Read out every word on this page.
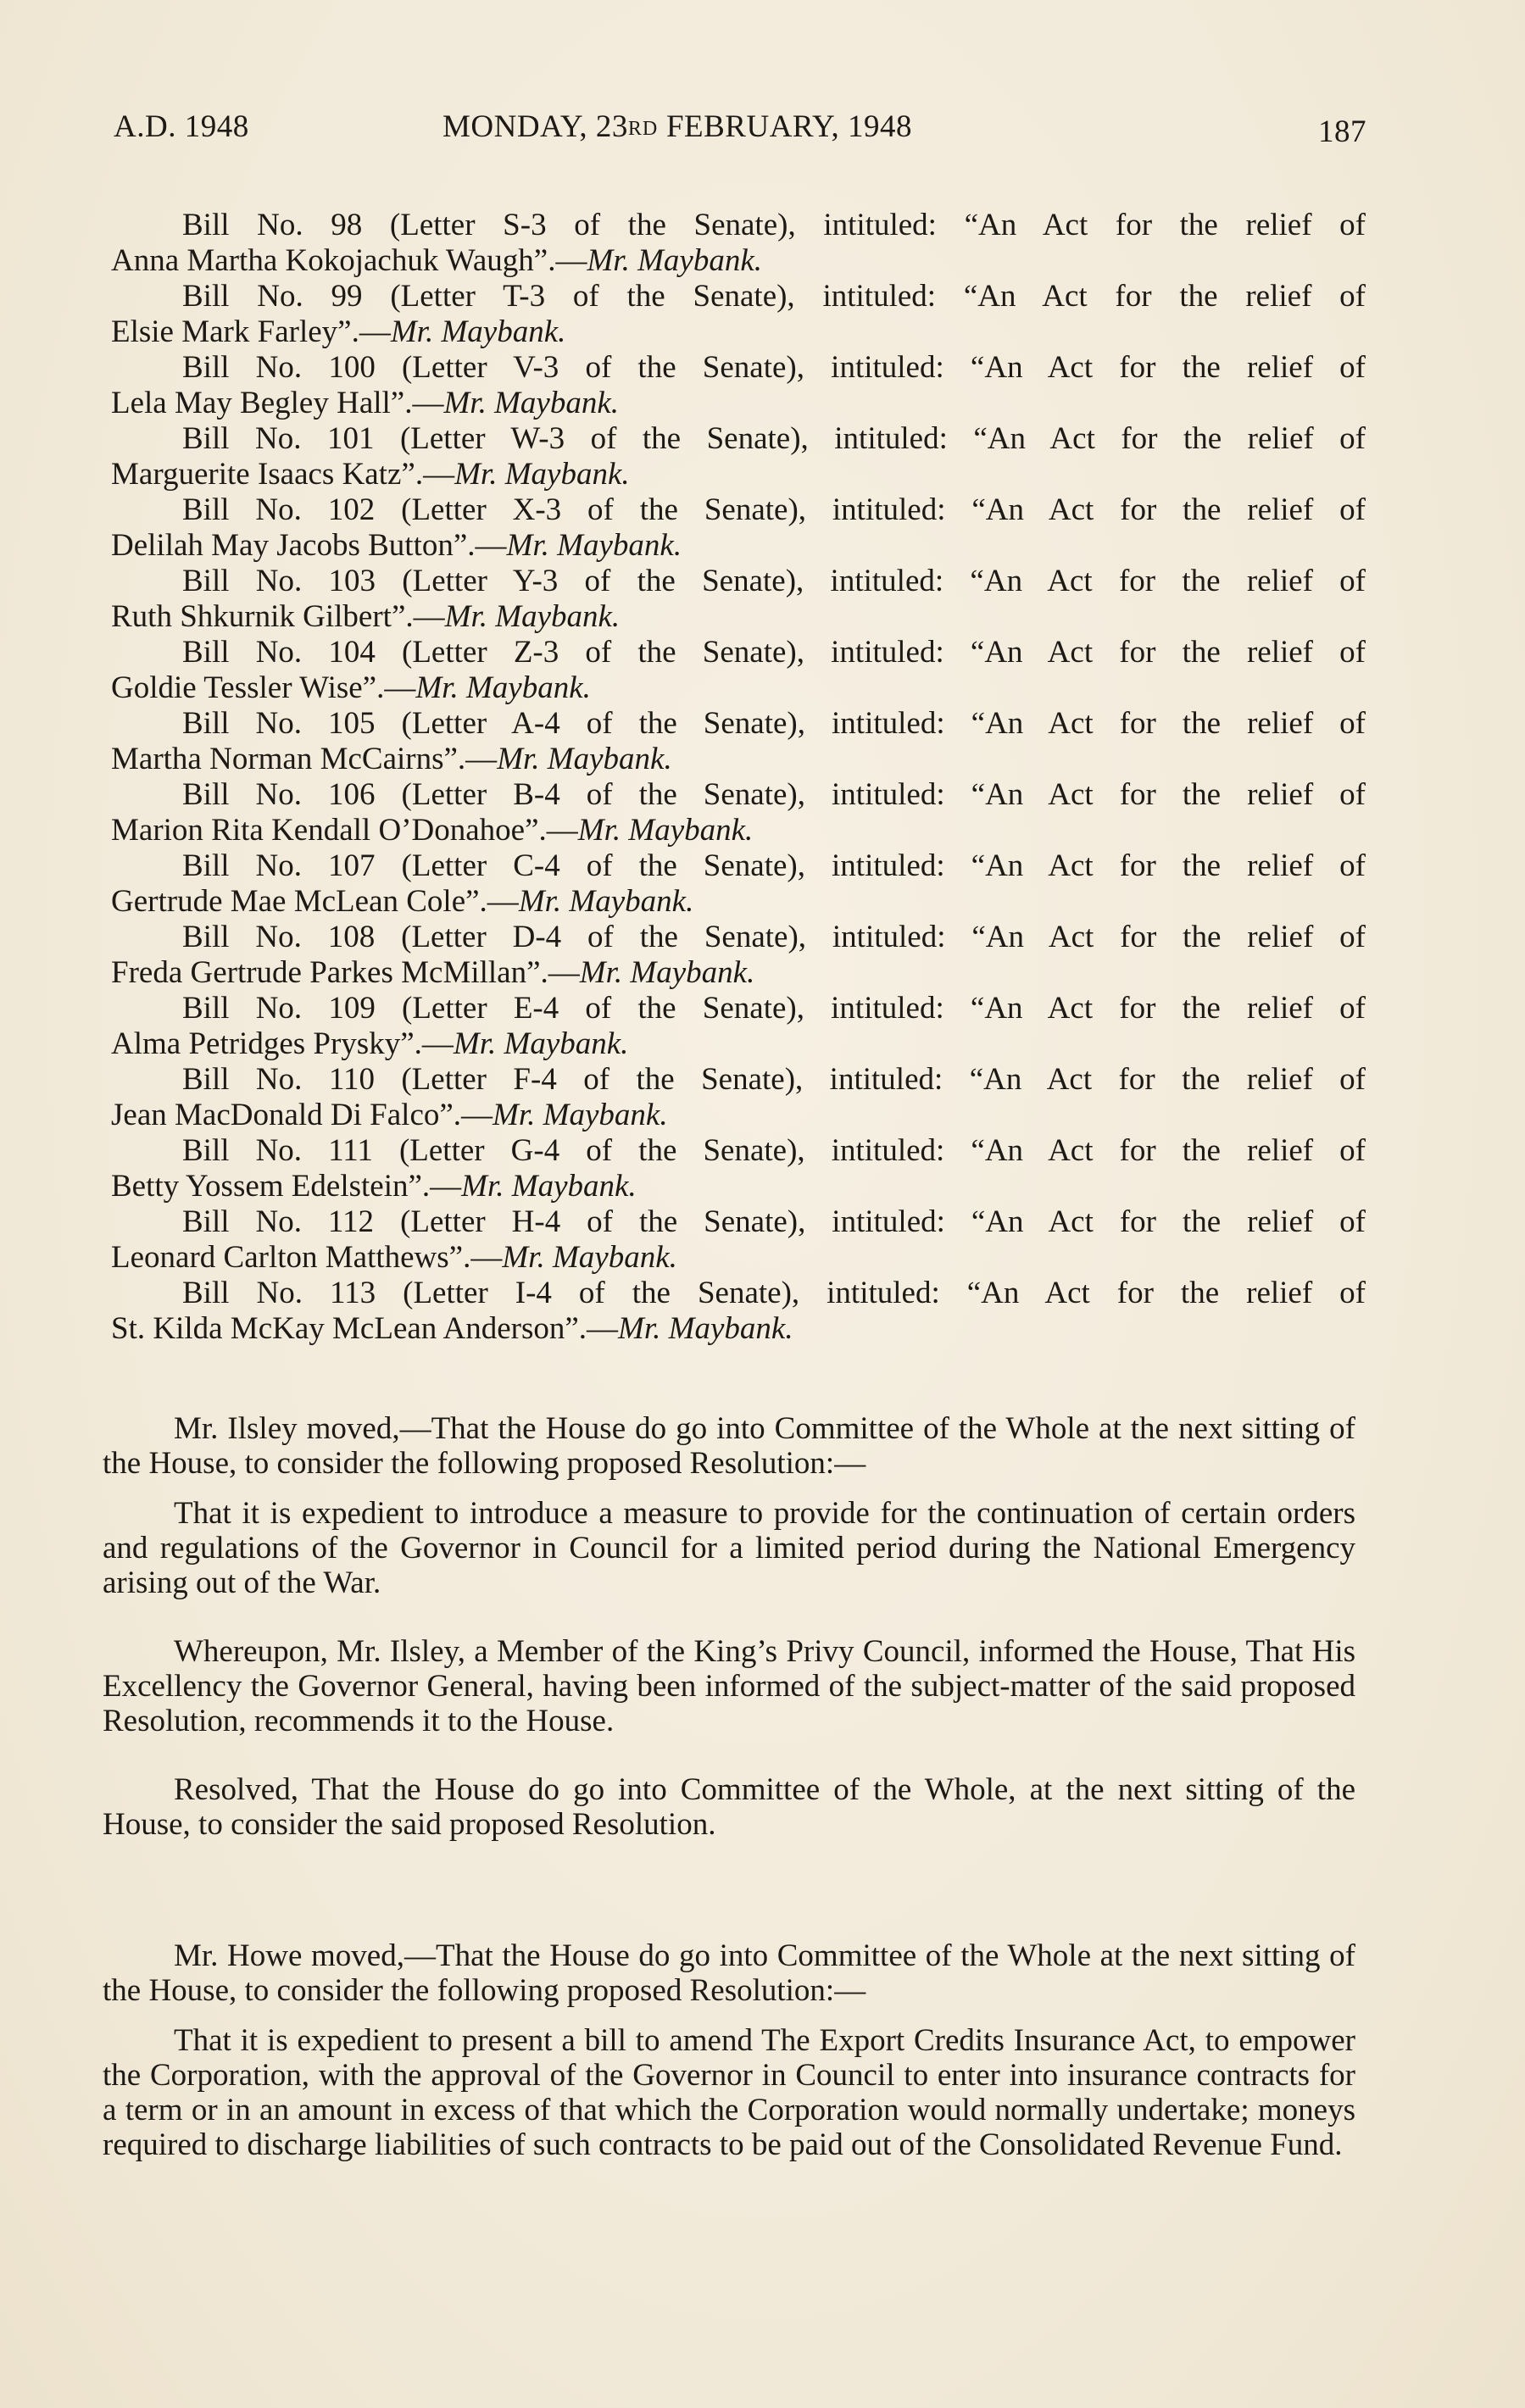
A.D. 1948	MONDAY, 23RD FEBRUARY, 1948	187
Bill No. 98 (Letter S-3 of the Senate), intituled: “An Act for the relief of
Anna Martha Kokojachuk Waugh”.—Mr. Maybank.
Bill No. 99 (Letter T-3 of the Senate), intituled: “An Act for the relief of
Elsie Mark Farley”.—Mr. Maybank.
Bill No. 100 (Letter V-3 of the Senate), intituled: “An Act for the relief of
Lela May Begley Hall”.—Mr. Maybank.
Bill No. 101 (Letter W-3 of the Senate), intituled: “An Act for the relief of
Marguerite Isaacs Katz”.—Mr. Maybank.
Bill No. 102 (Letter X-3 of the Senate), intituled: “An Act for the relief of
Delilah May Jacobs Button”.—Mr. Maybank.
Bill No. 103 (Letter Y-3 of the Senate), intituled: “An Act for the relief of
Ruth Shkurnik Gilbert”.—Mr. Maybank.
Bill No. 104 (Letter Z-3 of the Senate), intituled: “An Act for the relief of
Goldie Tessler Wise”.—Mr. Maybank.
Bill No. 105 (Letter A-4 of the Senate), intituled: “An Act for the relief of
Martha Norman McCairns”.—Mr. Maybank.
Bill No. 106 (Letter B-4 of the Senate), intituled: “An Act for the relief of
Marion Rita Kendall O’Donahoe”.—Mr. Maybank.
Bill No. 107 (Letter C-4 of the Senate), intituled: “An Act for the relief of
Gertrude Mae McLean Cole”.—Mr. Maybank.
Bill No. 108 (Letter D-4 of the Senate), intituled: “An Act for the relief of
Freda Gertrude Parkes McMillan”.—Mr. Maybank.
Bill No. 109 (Letter E-4 of the Senate), intituled: “An Act for the relief of
Alma Petridges Prysky”.—Mr. Maybank.
Bill No. 110 (Letter F-4 of the Senate), intituled: “An Act for the relief of
Jean MacDonald Di Falco”.—Mr. Maybank.
Bill No. 111 (Letter G-4 of the Senate), intituled: “An Act for the relief of
Betty Yossem Edelstein”.—Mr. Maybank.
Bill No. 112 (Letter H-4 of the Senate), intituled: “An Act for the relief of
Leonard Carlton Matthews”.—Mr. Maybank.
Bill No. 113 (Letter I-4 of the Senate), intituled: “An Act for the relief of
St. Kilda McKay McLean Anderson”.—Mr. Maybank.

Mr. Ilsley moved,—That the House do go into Committee of the Whole at the next sitting of the House, to consider the following proposed Resolution:—

That it is expedient to introduce a measure to provide for the continuation of certain orders and regulations of the Governor in Council for a limited period during the National Emergency arising out of the War.

Whereupon, Mr. Ilsley, a Member of the King’s Privy Council, informed the House, That His Excellency the Governor General, having been informed of the subject-matter of the said proposed Resolution, recommends it to the House.

Resolved, That the House do go into Committee of the Whole, at the next sitting of the House, to consider the said proposed Resolution.

Mr. Howe moved,—That the House do go into Committee of the Whole at the next sitting of the House, to consider the following proposed Resolution:—

That it is expedient to present a bill to amend The Export Credits Insurance Act, to empower the Corporation, with the approval of the Governor in Council to enter into insurance contracts for a term or in an amount in excess of that which the Corporation would normally undertake; moneys required to discharge liabilities of such contracts to be paid out of the Consolidated Revenue Fund.
